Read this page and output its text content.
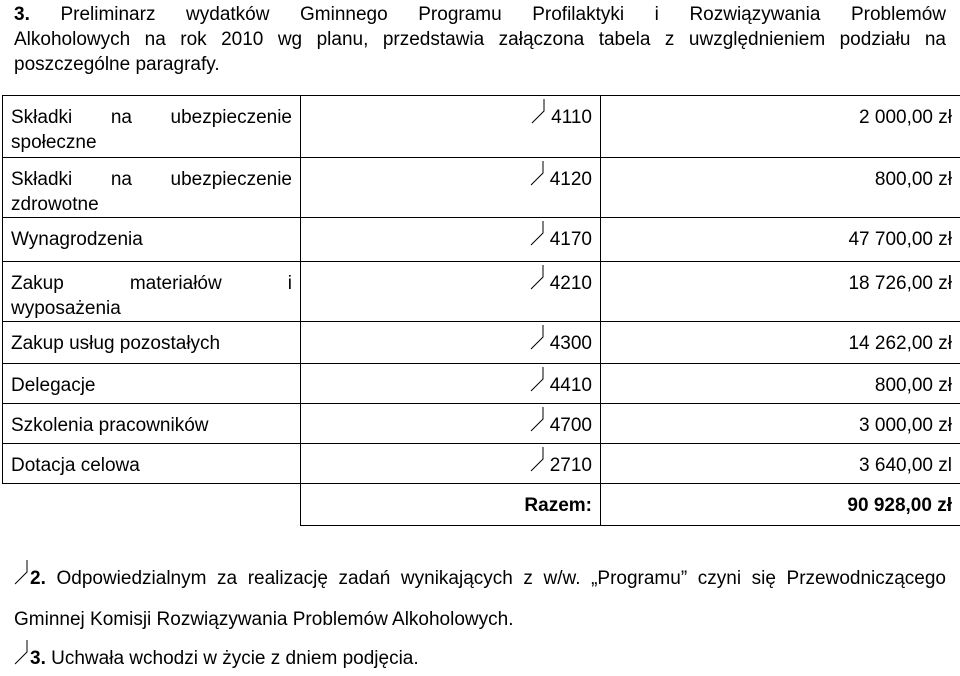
3. Preliminarz wydatków Gminnego Programu Profilaktyki i Rozwiązywania Problemów
Alkoholowych na rok 2010 wg planu, przedstawia załączona tabela z uwzględnieniem podziału na
poszczególne paragrafy.
Składki na ubezpieczenie
społeczne	4110	2 000,00 zł

Składki na ubezpieczenie
zdrowotne	4120	800,00 zł
Wynagrodzenia	4170	47 700,00 zł

Zakup materiałów i
wyposażenia	4210	18 726,00 zł
Zakup usług pozostałych	4300	14 262,00 zł
Delegacje	4410	800,00 zł
Szkolenia pracowników	4700	3 000,00 zł
Dotacja celowa	2710	3 640,00 zl
	Razem:	90 928,00 zł
2. Odpowiedzialnym za realizację zadań wynikających z w/w. „Programu” czyni się Przewodniczącego
Gminnej Komisji Rozwiązywania Problemów Alkoholowych.
3. Uchwała wchodzi w życie z dniem podjęcia.
